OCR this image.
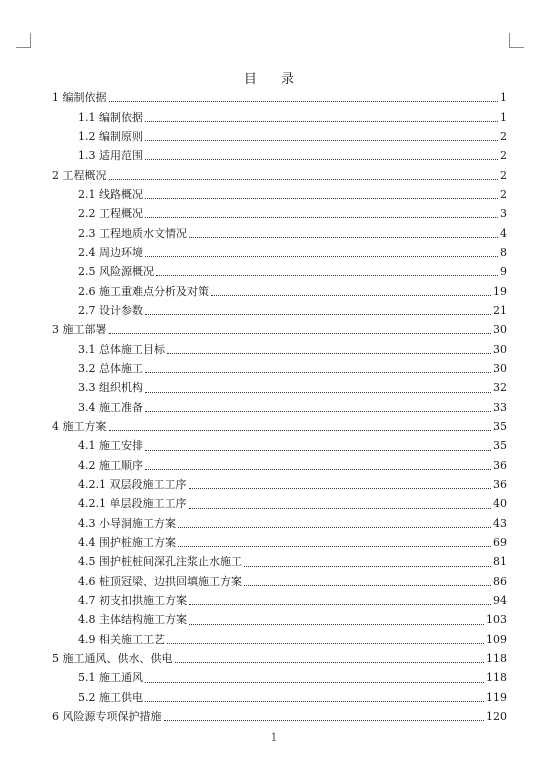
目 录
1 编制依据	1
1.1 编制依据	1
1.2 编制原则	2
1.3 适用范围	2
2 工程概况	2
2.1 线路概况	2
2.2 工程概况	3
2.3 工程地质水文情况	4
2.4 周边环境	8
2.5 风险源概况	9
2.6 施工重难点分析及对策	19
2.7 设计参数	21
3 施工部署	30
3.1 总体施工目标	30
3.2 总体施工	30
3.3 组织机构	32
3.4 施工准备	33
4 施工方案	35
4.1 施工安排	35
4.2 施工顺序	36
4.2.1 双层段施工工序	36
4.2.1 单层段施工工序	40
4.3 小导洞施工方案	43
4.4 围护桩施工方案	69
4.5 围护桩桩间深孔注浆止水施工	81
4.6 桩顶冠梁、边拱回填施工方案	86
4.7 初支扣拱施工方案	94
4.8 主体结构施工方案	103
4.9 相关施工工艺	109
5 施工通风、供水、供电	118
5.1 施工通风	118
5.2 施工供电	119
6 风险源专项保护措施	120
1
